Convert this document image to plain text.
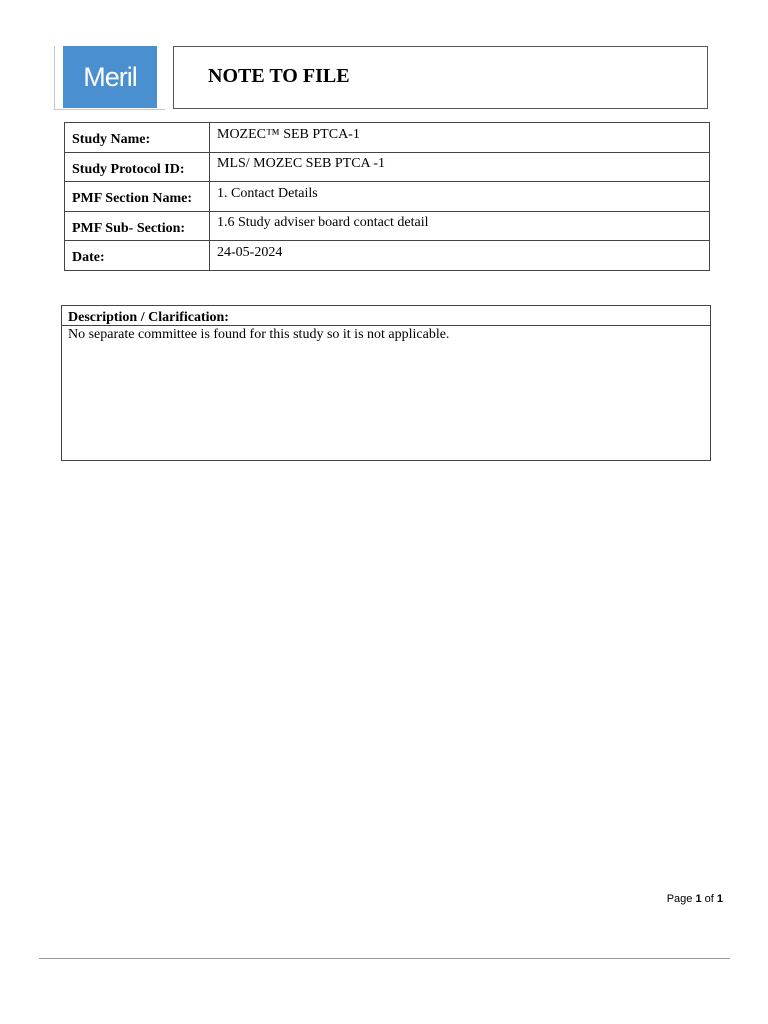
Meril	NOTE TO FILE
Study Name:	MOZEC™ SEB PTCA-1
Study Protocol ID:	MLS/ MOZEC SEB PTCA -1
PMF Section Name:	1. Contact Details
PMF Sub- Section:	1.6 Study adviser board contact detail
Date:	24-05-2024
Description / Clarification:
No separate committee is found for this study so it is not applicable.
Page 1 of 1
